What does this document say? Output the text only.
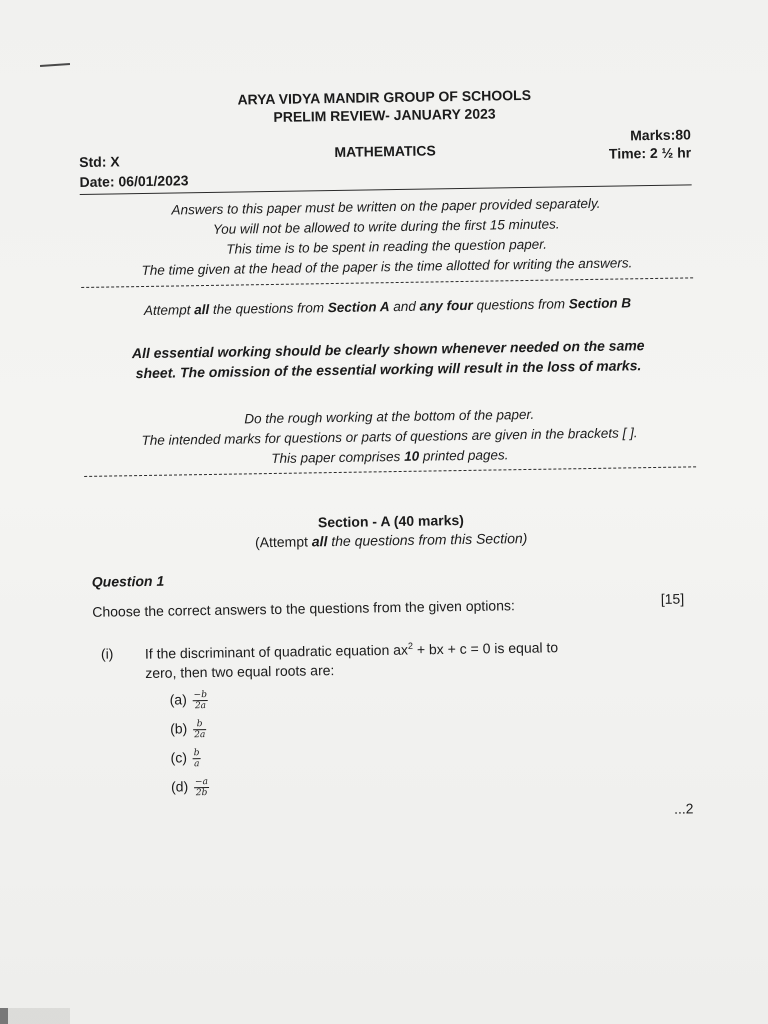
ARYA VIDYA MANDIR GROUP OF SCHOOLS
PRELIM REVIEW- JANUARY 2023
Std: X
MATHEMATICS
Marks:80
Time: 2 ½ hr
Date: 06/01/2023
Answers to this paper must be written on the paper provided separately.
You will not be allowed to write during the first 15 minutes.
This time is to be spent in reading the question paper.
The time given at the head of the paper is the time allotted for writing the answers.
Attempt all the questions from Section A and any four questions from Section B
All essential working should be clearly shown whenever needed on the same
sheet. The omission of the essential working will result in the loss of marks.
Do the rough working at the bottom of the paper.
The intended marks for questions or parts of questions are given in the brackets [ ].
This paper comprises 10 printed pages.
Section - A (40 marks)
(Attempt all the questions from this Section)
Question 1
Choose the correct answers to the questions from the given options:	[15]
(i) If the discriminant of quadratic equation $ax^2$ + bx + c = 0 is equal to
zero, then two equal roots are:
$(a) \frac{-b}{2a}$
$(b) \frac{b}{2a}$
$(c) \frac{b}{a}$
$(d) \frac{-a}{2b}$
...2
